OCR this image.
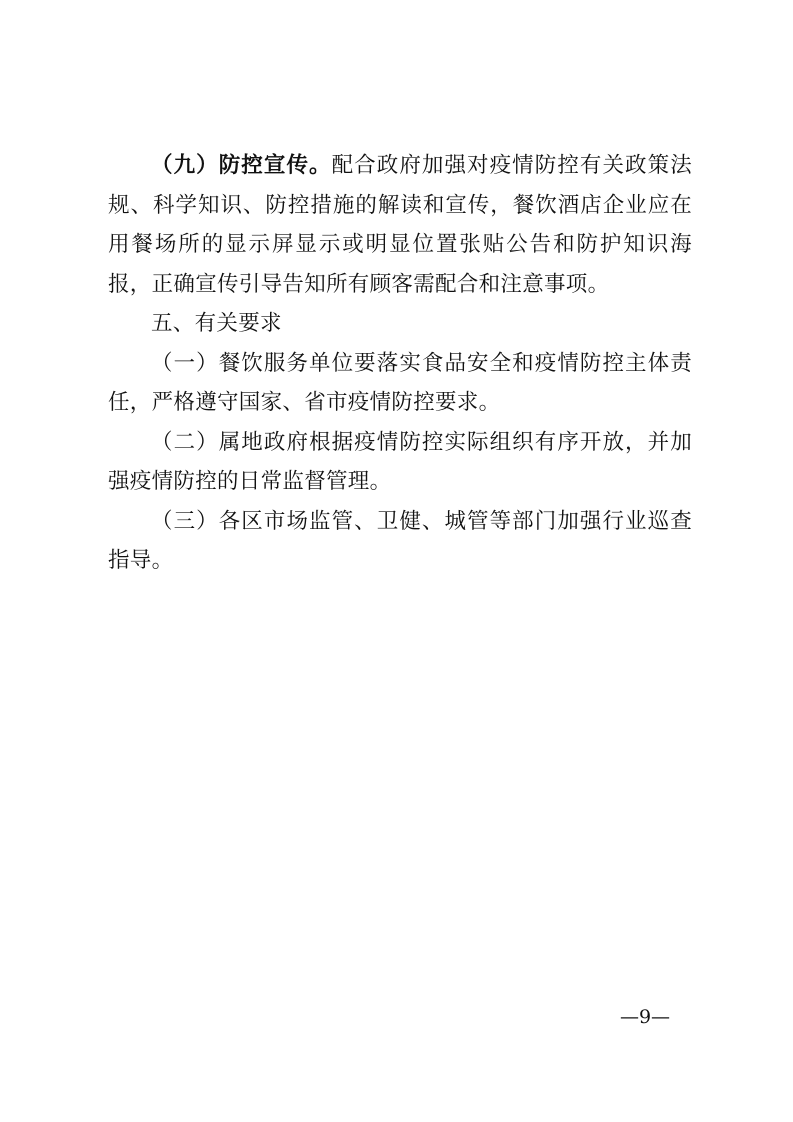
（九）防控宣传。配合政府加强对疫情防控有关政策法规、科学知识、防控措施的解读和宣传，餐饮酒店企业应在用餐场所的显示屏显示或明显位置张贴公告和防护知识海报，正确宣传引导告知所有顾客需配合和注意事项。

五、有关要求

（一）餐饮服务单位要落实食品安全和疫情防控主体责任，严格遵守国家、省市疫情防控要求。

（二）属地政府根据疫情防控实际组织有序开放，并加强疫情防控的日常监督管理。

（三）各区市场监管、卫健、城管等部门加强行业巡查指导。

—9—
